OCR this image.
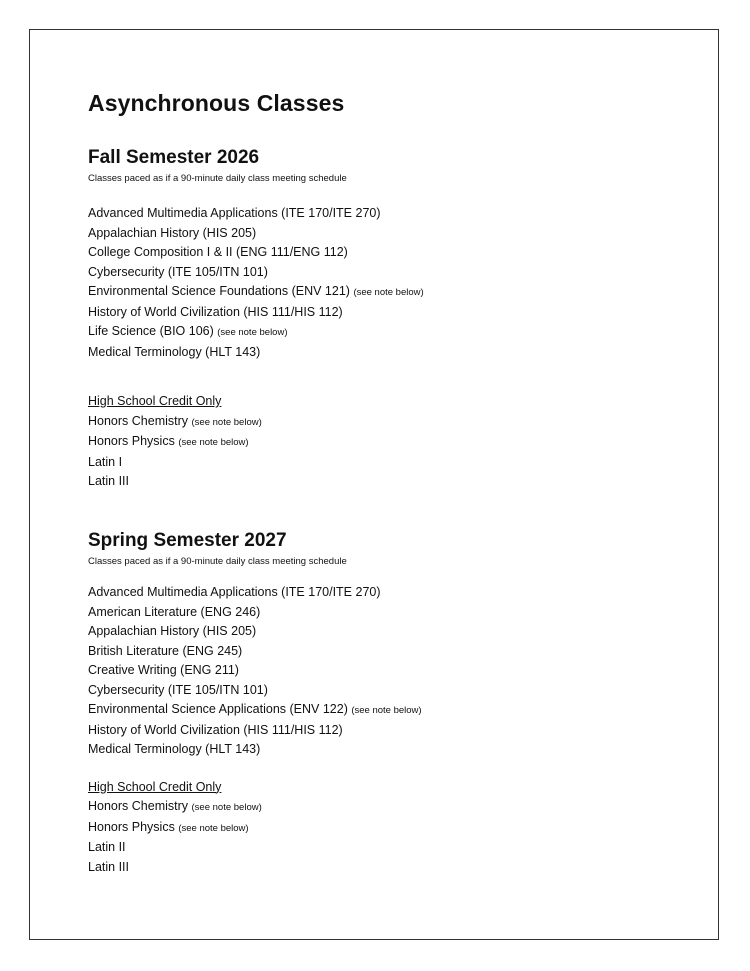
Asynchronous Classes
Fall Semester 2026
Classes paced as if a 90-minute daily class meeting schedule
Advanced Multimedia Applications (ITE 170/ITE 270)
Appalachian History (HIS 205)
College Composition I & II (ENG 111/ENG 112)
Cybersecurity (ITE 105/ITN 101)
Environmental Science Foundations (ENV 121) (see note below)
History of World Civilization (HIS 111/HIS 112)
Life Science (BIO 106) (see note below)
Medical Terminology (HLT 143)
High School Credit Only
Honors Chemistry (see note below)
Honors Physics (see note below)
Latin I
Latin III
Spring Semester 2027
Classes paced as if a 90-minute daily class meeting schedule
Advanced Multimedia Applications (ITE 170/ITE 270)
American Literature (ENG 246)
Appalachian History (HIS 205)
British Literature (ENG 245)
Creative Writing (ENG 211)
Cybersecurity (ITE 105/ITN 101)
Environmental Science Applications (ENV 122) (see note below)
History of World Civilization (HIS 111/HIS 112)
Medical Terminology (HLT 143)
High School Credit Only
Honors Chemistry (see note below)
Honors Physics (see note below)
Latin II
Latin III
